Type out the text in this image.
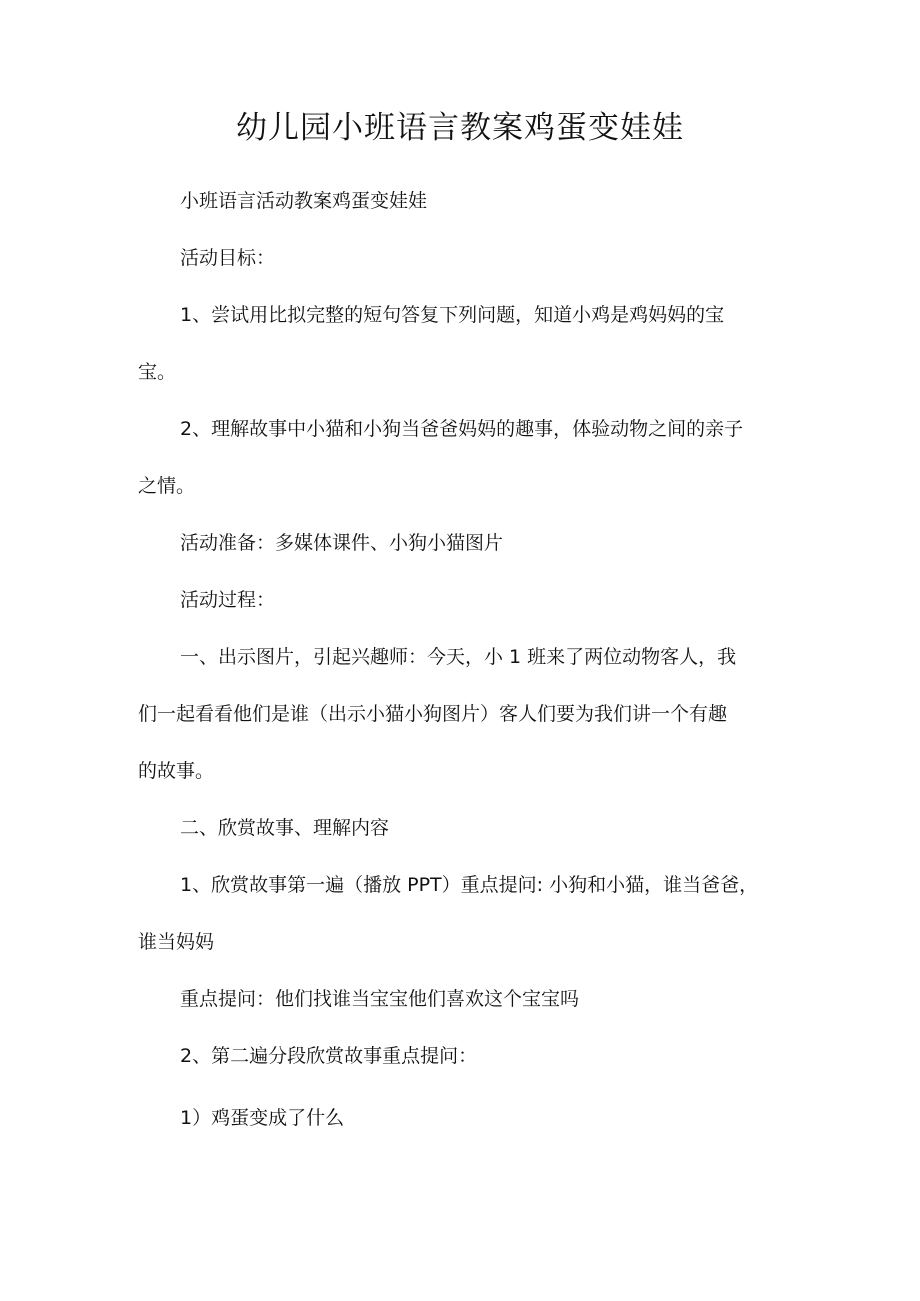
幼儿园小班语言教案鸡蛋变娃娃
小班语言活动教案鸡蛋变娃娃
活动目标：
1、尝试用比拟完整的短句答复下列问题，知道小鸡是鸡妈妈的宝
宝。
2、理解故事中小猫和小狗当爸爸妈妈的趣事，体验动物之间的亲子
之情。
活动准备：多媒体课件、小狗小猫图片
活动过程：
一、出示图片，引起兴趣师：今天，小 1 班来了两位动物客人，我
们一起看看他们是谁（出示小猫小狗图片）客人们要为我们讲一个有趣
的故事。
二、欣赏故事、理解内容
1、欣赏故事第一遍（播放 PPT）重点提问: 小狗和小猫，谁当爸爸，
谁当妈妈
重点提问：他们找谁当宝宝他们喜欢这个宝宝吗
2、第二遍分段欣赏故事重点提问：
1）鸡蛋变成了什么
